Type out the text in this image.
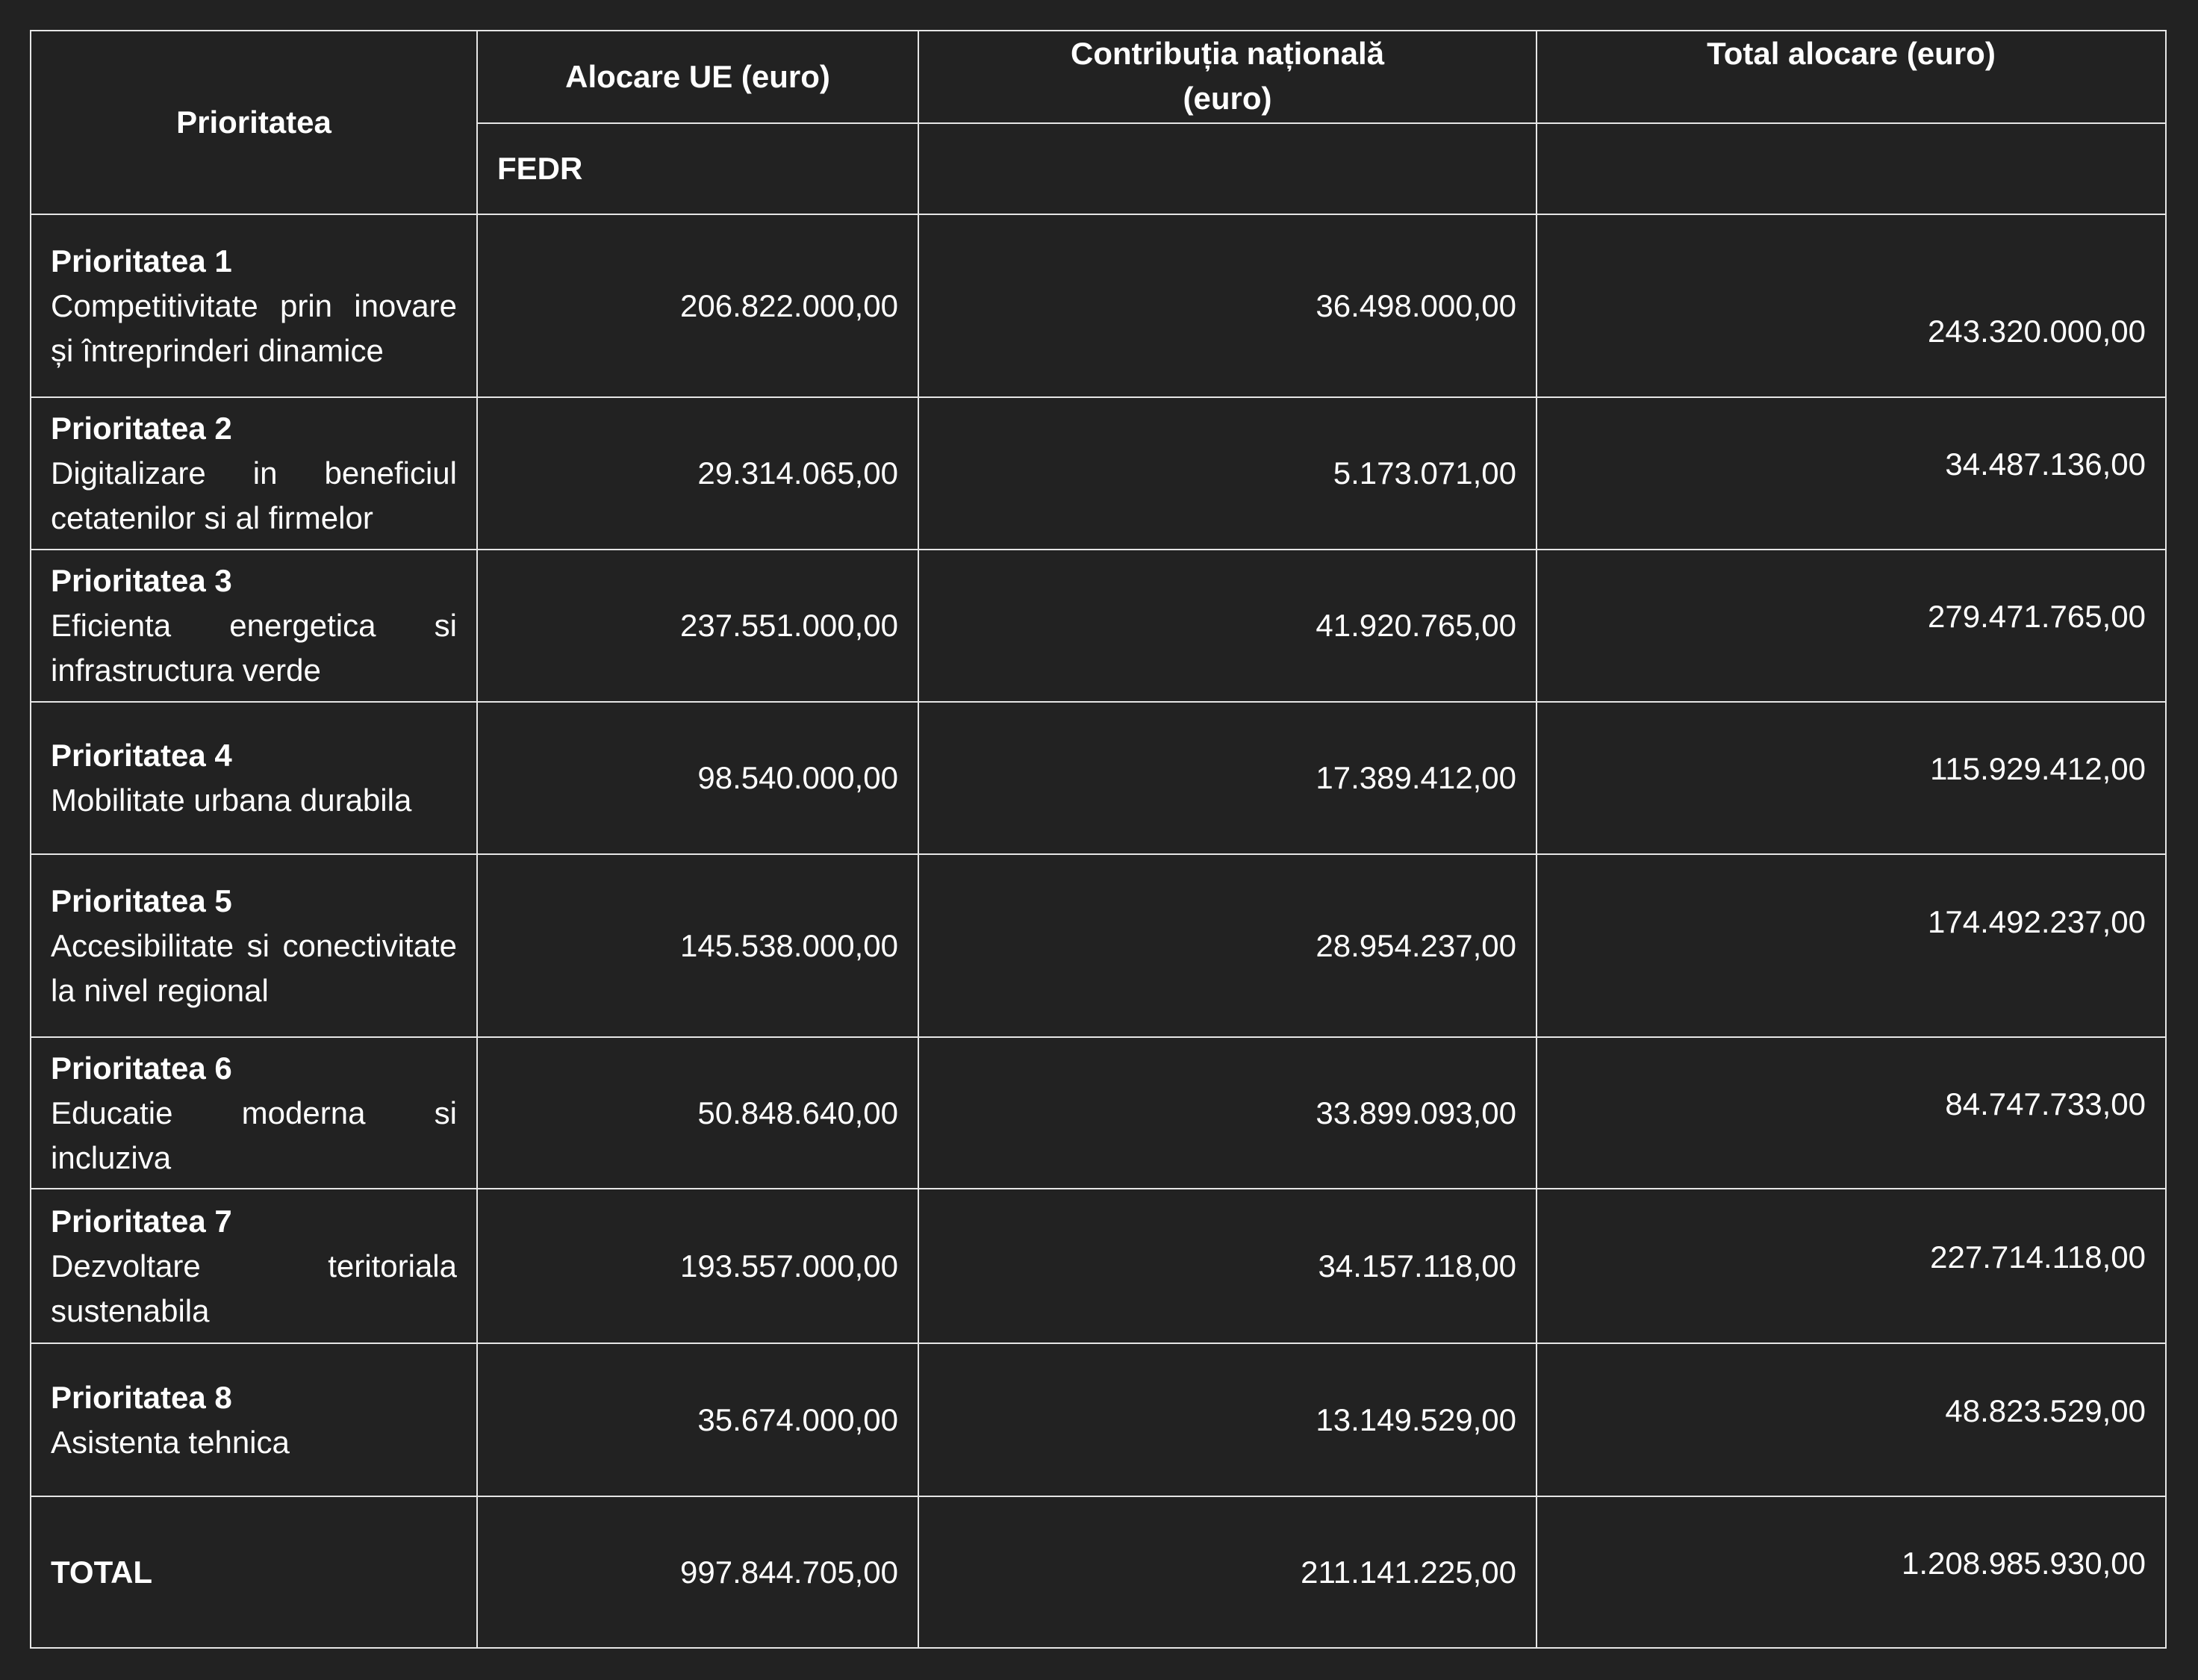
Prioritatea	Alocare UE (euro)	Contribuția națională (euro)	Total alocare (euro)
	FEDR		

Prioritatea 1
Competitivitate prin inovare și întreprinderi dinamice	206.822.000,00	36.498.000,00	243.320.000,00

Prioritatea 2
Digitalizare in beneficiul cetatenilor si al firmelor	29.314.065,00	5.173.071,00	34.487.136,00

Prioritatea 3
Eficienta energetica si infrastructura verde	237.551.000,00	41.920.765,00	279.471.765,00

Prioritatea 4
Mobilitate urbana durabila	98.540.000,00	17.389.412,00	115.929.412,00

Prioritatea 5
Accesibilitate si conectivitate la nivel regional	145.538.000,00	28.954.237,00	174.492.237,00

Prioritatea 6
Educatie moderna si incluziva	50.848.640,00	33.899.093,00	84.747.733,00

Prioritatea 7
Dezvoltare teritoriala sustenabila	193.557.000,00	34.157.118,00	227.714.118,00

Prioritatea 8
Asistenta tehnica	35.674.000,00	13.149.529,00	48.823.529,00
TOTAL	997.844.705,00	211.141.225,00	1.208.985.930,00
